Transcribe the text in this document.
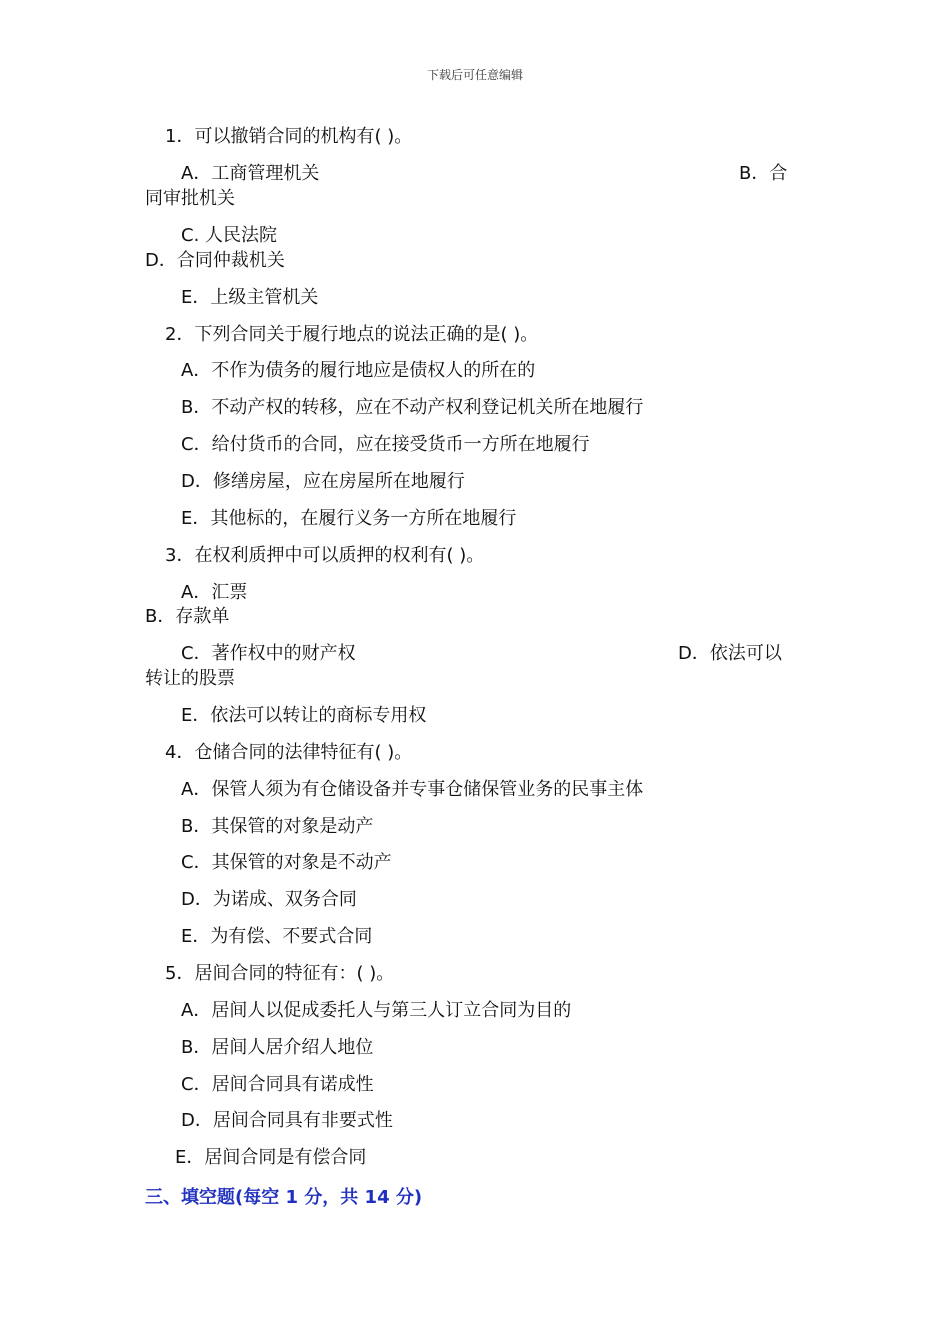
下载后可任意编辑
1．可以撤销合同的机构有( )。
A．工商管理机关	B．合
同审批机关
C. 人民法院
D．合同仲裁机关
E．上级主管机关
2．下列合同关于履行地点的说法正确的是( )。
A．不作为债务的履行地应是债权人的所在的
B．不动产权的转移，应在不动产权利登记机关所在地履行
C．给付货币的合同，应在接受货币一方所在地履行
D．修缮房屋，应在房屋所在地履行
E．其他标的，在履行义务一方所在地履行
3．在权利质押中可以质押的权利有( )。
A．汇票
B．存款单
C．著作权中的财产权	D．依法可以
转让的股票
E．依法可以转让的商标专用权
4．仓储合同的法律特征有( )。
A．保管人须为有仓储设备并专事仓储保管业务的民事主体
B．其保管的对象是动产
C．其保管的对象是不动产
D．为诺成、双务合同
E．为有偿、不要式合同
5．居间合同的特征有：( )。
A．居间人以促成委托人与第三人订立合同为目的
B．居间人居介绍人地位
C．居间合同具有诺成性
D．居间合同具有非要式性
E．居间合同是有偿合同
三、填空题(每空 1 分，共 14 分)
